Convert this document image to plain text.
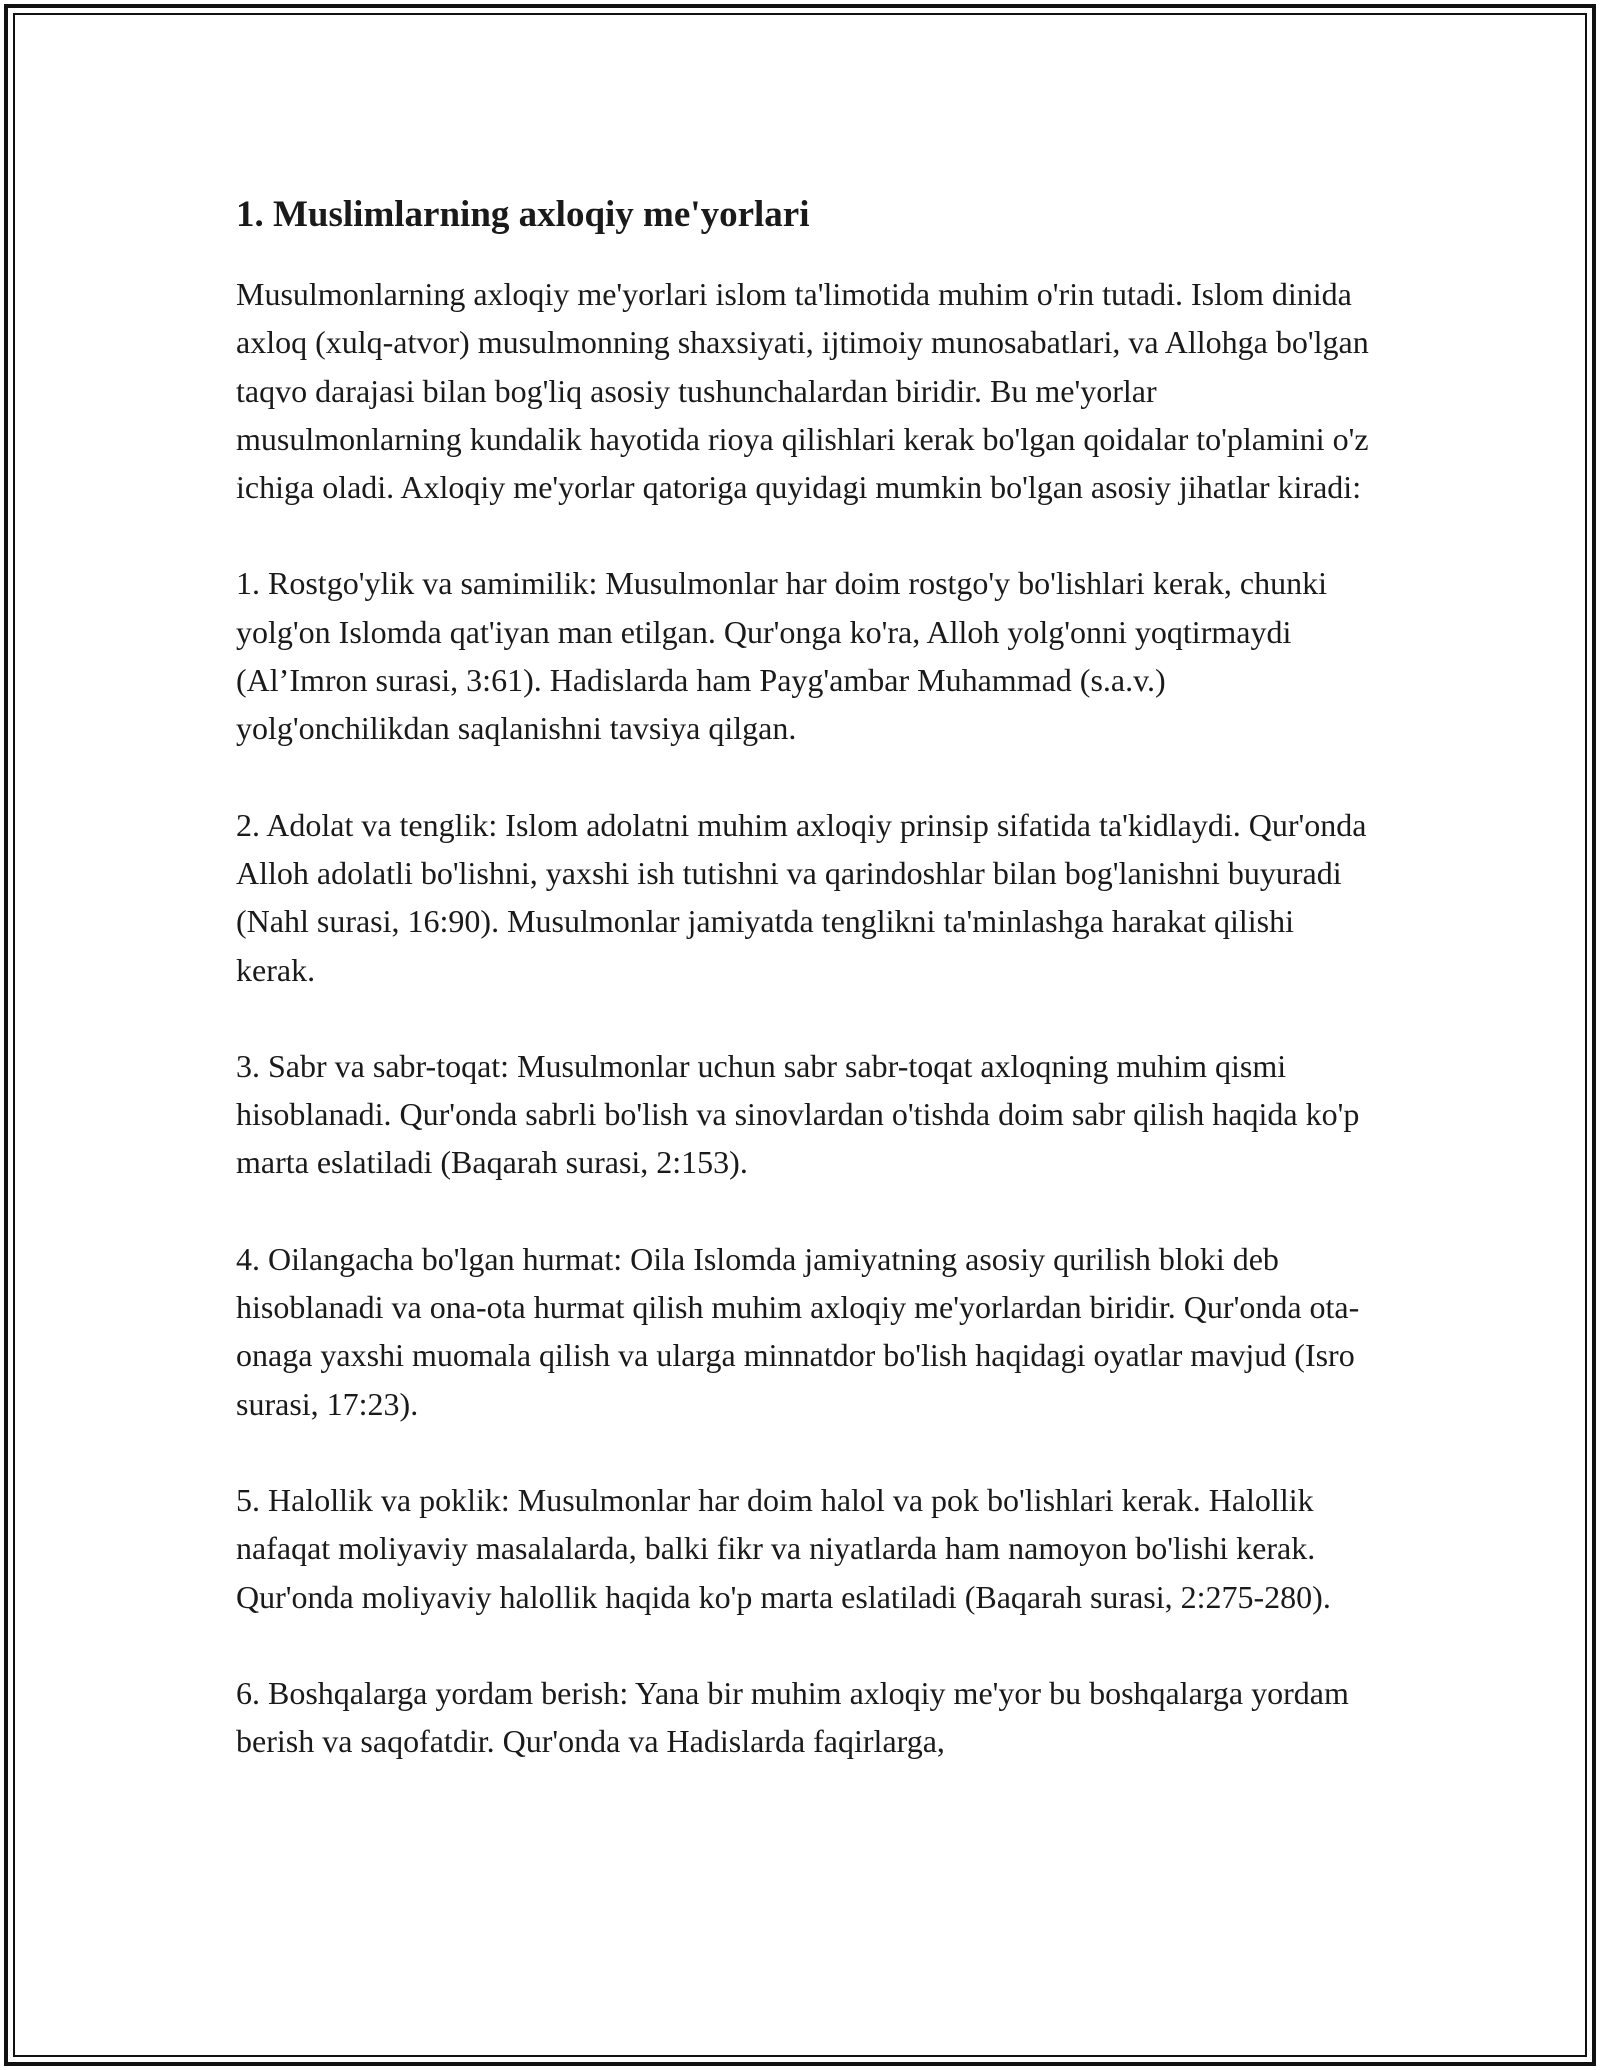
1. Muslimlarning axloqiy me'yorlari

Musulmonlarning axloqiy me'yorlari islom ta'limotida muhim o'rin tutadi. Islom dinida axloq (xulq-atvor) musulmonning shaxsiyati, ijtimoiy munosabatlari, va Allohga bo'lgan taqvo darajasi bilan bog'liq asosiy tushunchalardan biridir. Bu me'yorlar musulmonlarning kundalik hayotida rioya qilishlari kerak bo'lgan qoidalar to'plamini o'z ichiga oladi. Axloqiy me'yorlar qatoriga quyidagi mumkin bo'lgan asosiy jihatlar kiradi:

1. Rostgo'ylik va samimilik: Musulmonlar har doim rostgo'y bo'lishlari kerak, chunki yolg'on Islomda qat'iyan man etilgan. Qur'onga ko'ra, Alloh yolg'onni yoqtirmaydi (Al’Imron surasi, 3:61). Hadislarda ham Payg'ambar Muhammad (s.a.v.) yolg'onchilikdan saqlanishni tavsiya qilgan.

2. Adolat va tenglik: Islom adolatni muhim axloqiy prinsip sifatida ta'kidlaydi. Qur'onda Alloh adolatli bo'lishni, yaxshi ish tutishni va qarindoshlar bilan bog'lanishni buyuradi (Nahl surasi, 16:90). Musulmonlar jamiyatda tenglikni ta'minlashga harakat qilishi kerak.

3. Sabr va sabr-toqat: Musulmonlar uchun sabr sabr-toqat axloqning muhim qismi hisoblanadi. Qur'onda sabrli bo'lish va sinovlardan o'tishda doim sabr qilish haqida ko'p marta eslatiladi (Baqarah surasi, 2:153).

4. Oilangacha bo'lgan hurmat: Oila Islomda jamiyatning asosiy qurilish bloki deb hisoblanadi va ona-ota hurmat qilish muhim axloqiy me'yorlardan biridir. Qur'onda ota-onaga yaxshi muomala qilish va ularga minnatdor bo'lish haqidagi oyatlar mavjud (Isro surasi, 17:23).

5. Halollik va poklik: Musulmonlar har doim halol va pok bo'lishlari kerak. Halollik nafaqat moliyaviy masalalarda, balki fikr va niyatlarda ham namoyon bo'lishi kerak. Qur'onda moliyaviy halollik haqida ko'p marta eslatiladi (Baqarah surasi, 2:275-280).

6. Boshqalarga yordam berish: Yana bir muhim axloqiy me'yor bu boshqalarga yordam berish va saqofatdir. Qur'onda va Hadislarda faqirlarga,
